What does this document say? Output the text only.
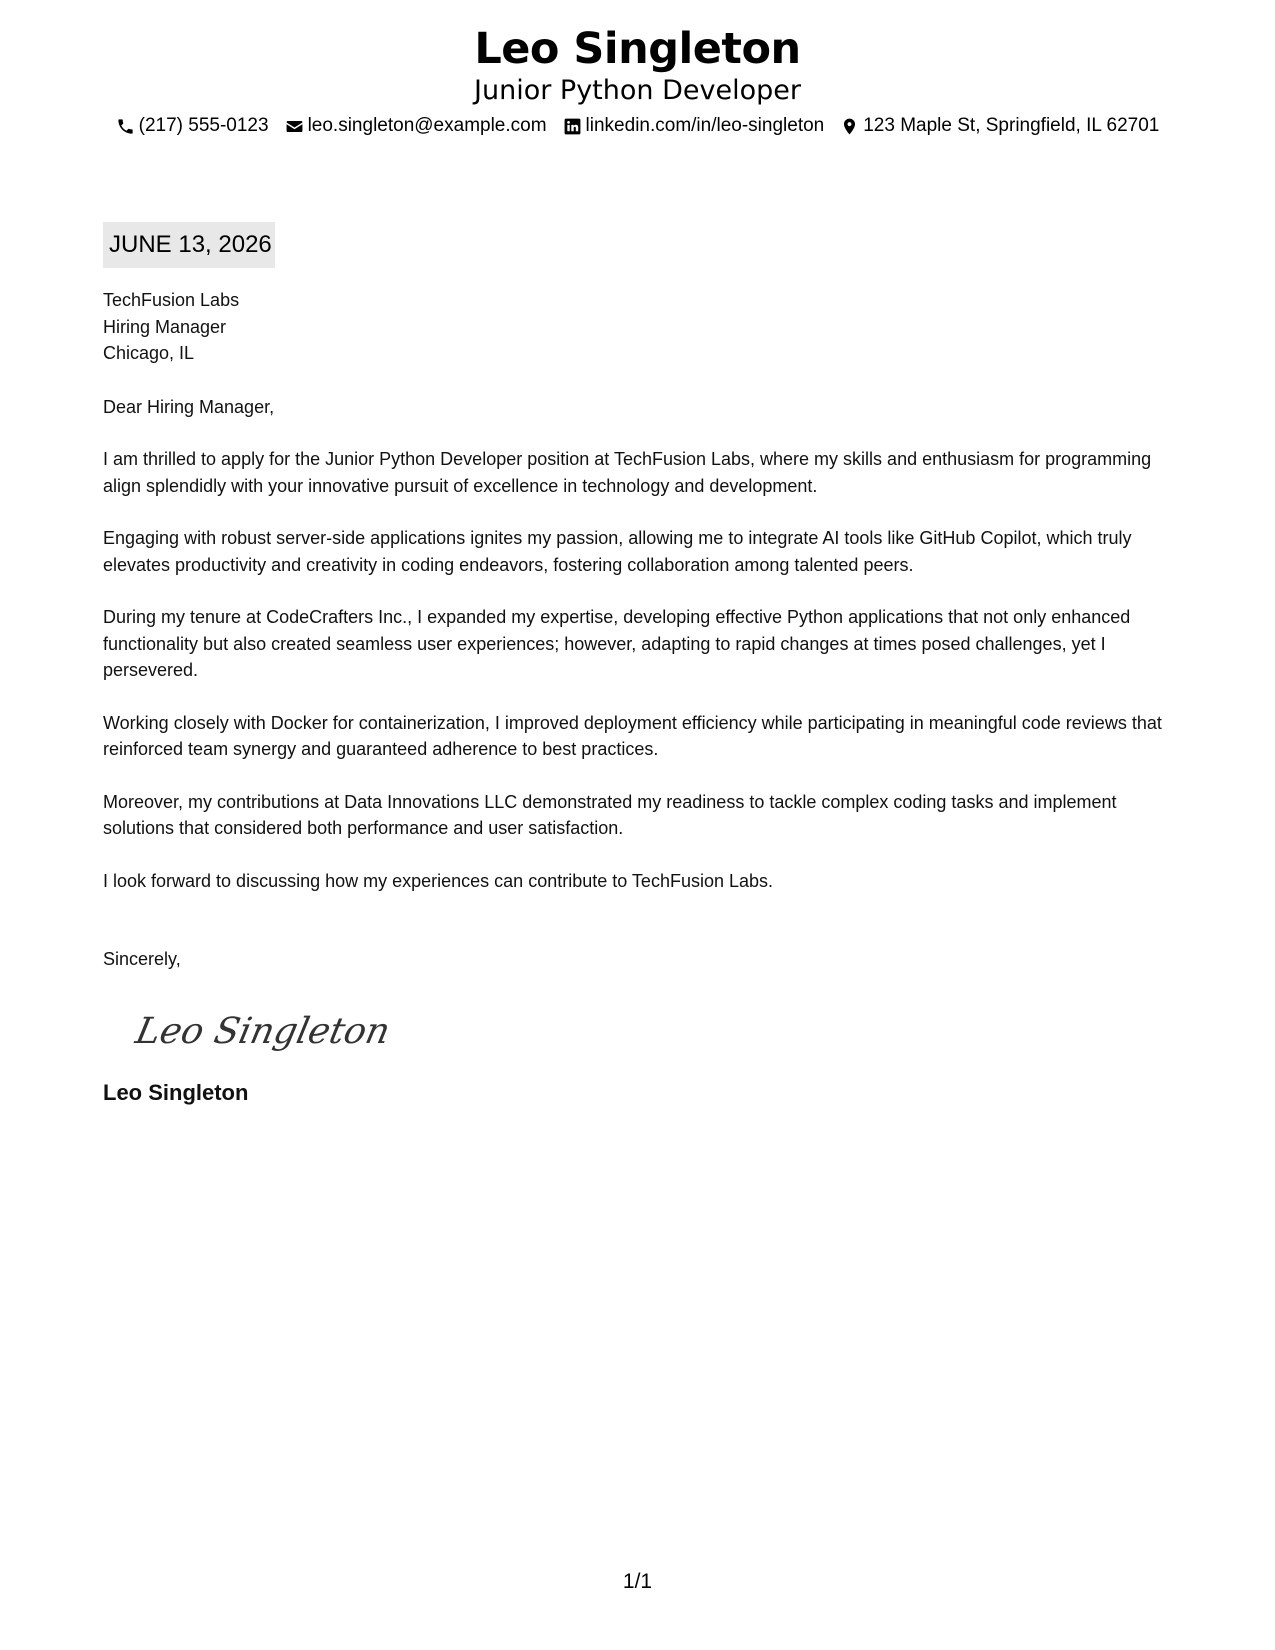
Leo Singleton
Junior Python Developer
(217) 555-0123 leo.singleton@example.com linkedin.com/in/leo-singleton 123 Maple St, Springfield, IL 62701
JUNE 13, 2026
TechFusion Labs
Hiring Manager
Chicago, IL
Dear Hiring Manager,
I am thrilled to apply for the Junior Python Developer position at TechFusion Labs, where my skills and enthusiasm for programming align splendidly with your innovative pursuit of excellence in technology and development.
Engaging with robust server-side applications ignites my passion, allowing me to integrate AI tools like GitHub Copilot, which truly elevates productivity and creativity in coding endeavors, fostering collaboration among talented peers.
During my tenure at CodeCrafters Inc., I expanded my expertise, developing effective Python applications that not only enhanced functionality but also created seamless user experiences; however, adapting to rapid changes at times posed challenges, yet I persevered.
Working closely with Docker for containerization, I improved deployment efficiency while participating in meaningful code reviews that reinforced team synergy and guaranteed adherence to best practices.
Moreover, my contributions at Data Innovations LLC demonstrated my readiness to tackle complex coding tasks and implement solutions that considered both performance and user satisfaction.
I look forward to discussing how my experiences can contribute to TechFusion Labs.
Sincerely,
Leo Singleton
Leo Singleton
1/1
